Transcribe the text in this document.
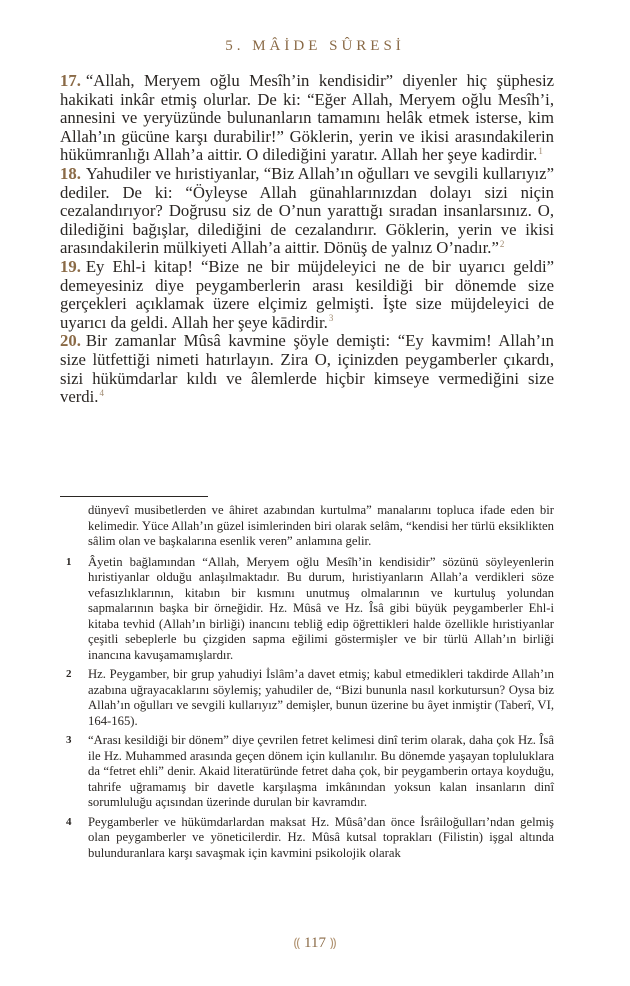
5. MÂİDE SÛRESİ

17. “Allah, Meryem oğlu Mesîh’in kendisidir” diyenler hiç şüphesiz hakikati inkâr etmiş olurlar. De ki: “Eğer Allah, Meryem oğlu Mesîh’i, annesini ve yeryüzünde bulunanların tamamını helâk etmek isterse, kim Allah’ın gücüne karşı durabilir!” Göklerin, yerin ve ikisi arasındakilerin hükümranlığı Allah’a aittir. O dilediğini yaratır. Allah her şeye kadirdir.$^1$

18. Yahudiler ve hıristiyanlar, “Biz Allah’ın oğulları ve sevgili kullarıyız” dediler. De ki: “Öyleyse Allah günahlarınızdan dolayı sizi niçin cezalandırıyor? Doğrusu siz de O’nun yarattığı sıradan insanlarsınız. O, dilediğini bağışlar, dilediğini de cezalandırır. Göklerin, yerin ve ikisi arasındakilerin mülkiyeti Allah’a aittir. Dönüş de yalnız O’nadır.”$^2$

19. Ey Ehl-i kitap! “Bize ne bir müjdeleyici ne de bir uyarıcı geldi” demeyesiniz diye peygamberlerin arası kesildiği bir dönemde size gerçekleri açıklamak üzere elçimiz gelmişti. İşte size müjdeleyici de uyarıcı da geldi. Allah her şeye kādirdir.$^3$

20. Bir zamanlar Mûsâ kavmine şöyle demişti: “Ey kavmim! Allah’ın size lütfettiği nimeti hatırlayın. Zira O, içinizden peygamberler çıkardı, sizi hükümdarlar kıldı ve âlemlerde hiçbir kimseye vermediğini size verdi.$^4$

dünyevî musibetlerden ve âhiret azabından kurtulma” manalarını topluca ifade eden bir kelimedir. Yüce Allah’ın güzel isimlerinden biri olarak selâm, “kendisi her türlü eksiklikten sâlim olan ve başkalarına esenlik veren” anlamına gelir.
1 Âyetin bağlamından “Allah, Meryem oğlu Mesîh’in kendisidir” sözünü söyleyenlerin hıristiyanlar olduğu anlaşılmaktadır. Bu durum, hıristiyanların Allah’a verdikleri söze vefasızlıklarının, kitabın bir kısmını unutmuş olmalarının ve kurtuluş yolundan sapmalarının başka bir örneğidir. Hz. Mûsâ ve Hz. Îsâ gibi büyük peygamberler Ehl-i kitaba tevhid (Allah’ın birliği) inancını tebliğ edip öğrettikleri halde özellikle hıristiyanlar çeşitli sebeplerle bu çizgiden sapma eğilimi göstermişler ve bir türlü Allah’ın birliği inancına kavuşamamışlardır.
2 Hz. Peygamber, bir grup yahudiyi İslâm’a davet etmiş; kabul etmedikleri takdirde Allah’ın azabına uğrayacaklarını söylemiş; yahudiler de, “Bizi bununla nasıl korkutursun? Oysa biz Allah’ın oğulları ve sevgili kullarıyız” demişler, bunun üzerine bu âyet inmiştir (Taberî, VI, 164-165).
3 “Arası kesildiği bir dönem” diye çevrilen fetret kelimesi dinî terim olarak, daha çok Hz. Îsâ ile Hz. Muhammed arasında geçen dönem için kullanılır. Bu dönemde yaşayan topluluklara da “fetret ehli” denir. Akaid literatüründe fetret daha çok, bir peygamberin ortaya koyduğu, tahrife uğramamış bir davetle karşılaşma imkânından yoksun kalan insanların dinî sorumluluğu açısından üzerinde durulan bir kavramdır.
4 Peygamberler ve hükümdarlardan maksat Hz. Mûsâ’dan önce İsrâiloğulları’ndan gelmiş olan peygamberler ve yöneticilerdir. Hz. Mûsâ kutsal toprakları (Filistin) işgal altında bulunduranlara karşı savaşmak için kavmini psikolojik olarak
⸨ 117 ⸩
